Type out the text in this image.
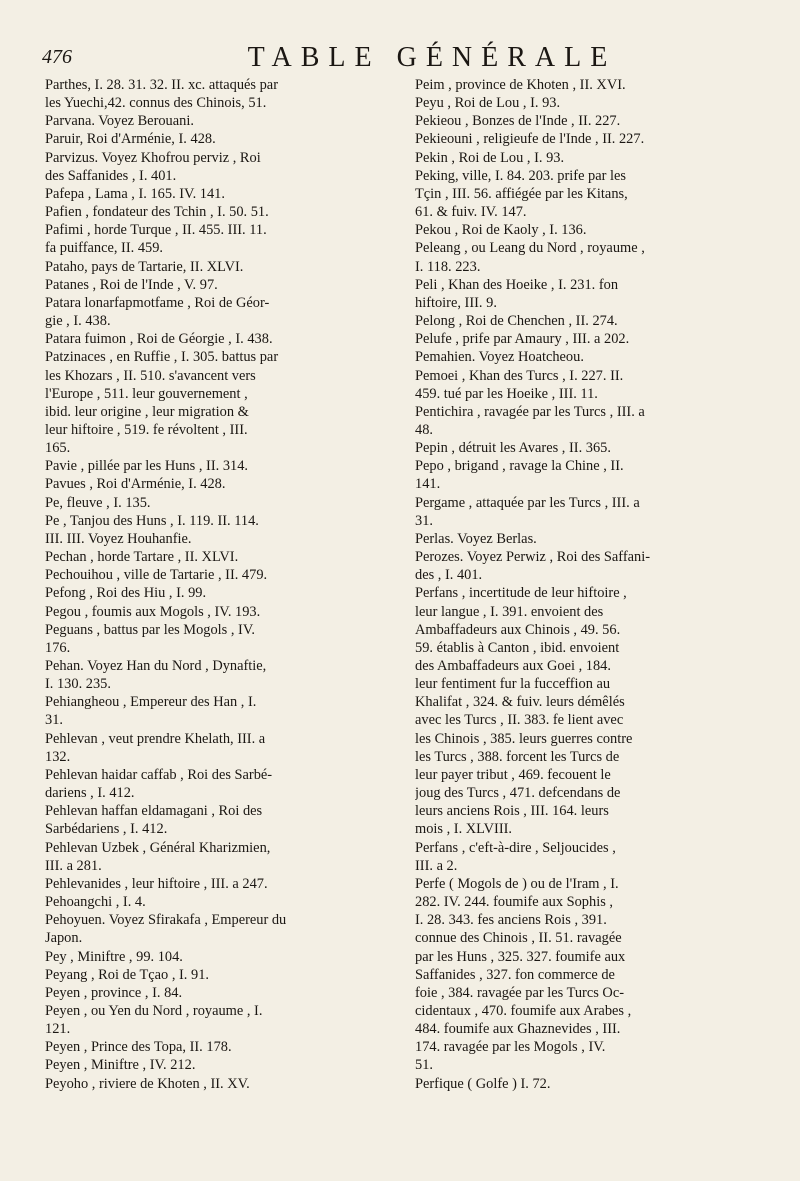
476	TABLE GÉNÉRALE

Parthes, I. 28. 31. 32. II. xc. attaqués par

les Yuechi,42. connus des Chinois, 51.

Parvana. Voyez Berouani.

Paruir, Roi d'Arménie, I. 428.

Parvizus. Voyez Khofrou perviz , Roi

des Saffanides , I. 401.

Pafepa , Lama , I. 165. IV. 141.

Pafien , fondateur des Tchin , I. 50. 51.

Pafimi , horde Turque , II. 455. III. 11.

fa puiffance, II. 459.

Pataho, pays de Tartarie, II. XLVI.

Patanes , Roi de l'Inde , V. 97.

Patara lonarfapmotfame , Roi de Géor-

gie , I. 438.

Patara fuimon , Roi de Géorgie , I. 438.

Patzinaces , en Ruffie , I. 305. battus par

les Khozars , II. 510. s'avancent vers

l'Europe , 511. leur gouvernement ,

ibid. leur origine , leur migration &

leur hiftoire , 519. fe révoltent , III.

165.

Pavie , pillée par les Huns , II. 314.

Pavues , Roi d'Arménie, I. 428.

Pe, fleuve , I. 135.

Pe , Tanjou des Huns , I. 119. II. 114.

III. III. Voyez Houhanfie.

Pechan , horde Tartare , II. XLVI.

Pechouihou , ville de Tartarie , II. 479.

Pefong , Roi des Hiu , I. 99.

Pegou , foumis aux Mogols , IV. 193.

Peguans , battus par les Mogols , IV.

176.

Pehan. Voyez Han du Nord , Dynaftie,

I. 130. 235.

Pehiangheou , Empereur des Han , I.

31.

Pehlevan , veut prendre Khelath, III. a

132.

Pehlevan haidar caffab , Roi des Sarbé-

dariens , I. 412.

Pehlevan haffan eldamagani , Roi des

Sarbédariens , I. 412.

Pehlevan Uzbek , Général Kharizmien,

III. a 281.

Pehlevanides , leur hiftoire , III. a 247.

Pehoangchi , I. 4.

Pehoyuen. Voyez Sfirakafa , Empereur du

Japon.

Pey , Miniftre , 99. 104.

Peyang , Roi de Tçao , I. 91.

Peyen , province , I. 84.

Peyen , ou Yen du Nord , royaume , I.

121.

Peyen , Prince des Topa, II. 178.

Peyen , Miniftre , IV. 212.

Peyoho , riviere de Khoten , II. XV.

Peim , province de Khoten , II. XVI.

Peyu , Roi de Lou , I. 93.

Pekieou , Bonzes de l'Inde , II. 227.

Pekieouni , religieufe de l'Inde , II. 227.

Pekin , Roi de Lou , I. 93.

Peking, ville, I. 84. 203. prife par les

Tçin , III. 56. affiégée par les Kitans,

61. & fuiv. IV. 147.

Pekou , Roi de Kaoly , I. 136.

Peleang , ou Leang du Nord , royaume ,

I. 118. 223.

Peli , Khan des Hoeike , I. 231. fon

hiftoire, III. 9.

Pelong , Roi de Chenchen , II. 274.

Pelufe , prife par Amaury , III. a 202.

Pemahien. Voyez Hoatcheou.

Pemoei , Khan des Turcs , I. 227. II.

459. tué par les Hoeike , III. 11.

Pentichira , ravagée par les Turcs , III. a

48.

Pepin , détruit les Avares , II. 365.

Pepo , brigand , ravage la Chine , II.

141.

Pergame , attaquée par les Turcs , III. a

31.

Perlas. Voyez Berlas.

Perozes. Voyez Perwiz , Roi des Saffani-

des , I. 401.

Perfans , incertitude de leur hiftoire ,

leur langue , I. 391. envoient des

Ambaffadeurs aux Chinois , 49. 56.

59. établis à Canton , ibid. envoient

des Ambaffadeurs aux Goei , 184.

leur fentiment fur la fucceffion au

Khalifat , 324. & fuiv. leurs démêlés

avec les Turcs , II. 383. fe lient avec

les Chinois , 385. leurs guerres contre

les Turcs , 388. forcent les Turcs de

leur payer tribut , 469. fecouent le

joug des Turcs , 471. defcendans de

leurs anciens Rois , III. 164. leurs

mois , I. XLVIII.

Perfans , c'eft-à-dire , Seljoucides ,

III. a 2.

Perfe ( Mogols de ) ou de l'Iram , I.

282. IV. 244. foumife aux Sophis ,

I. 28. 343. fes anciens Rois , 391.

connue des Chinois , II. 51. ravagée

par les Huns , 325. 327. foumife aux

Saffanides , 327. fon commerce de

foie , 384. ravagée par les Turcs Oc-

cidentaux , 470. foumife aux Arabes ,

484. foumife aux Ghaznevides , III.

174. ravagée par les Mogols , IV.

51.

Perfique ( Golfe ) I. 72.
